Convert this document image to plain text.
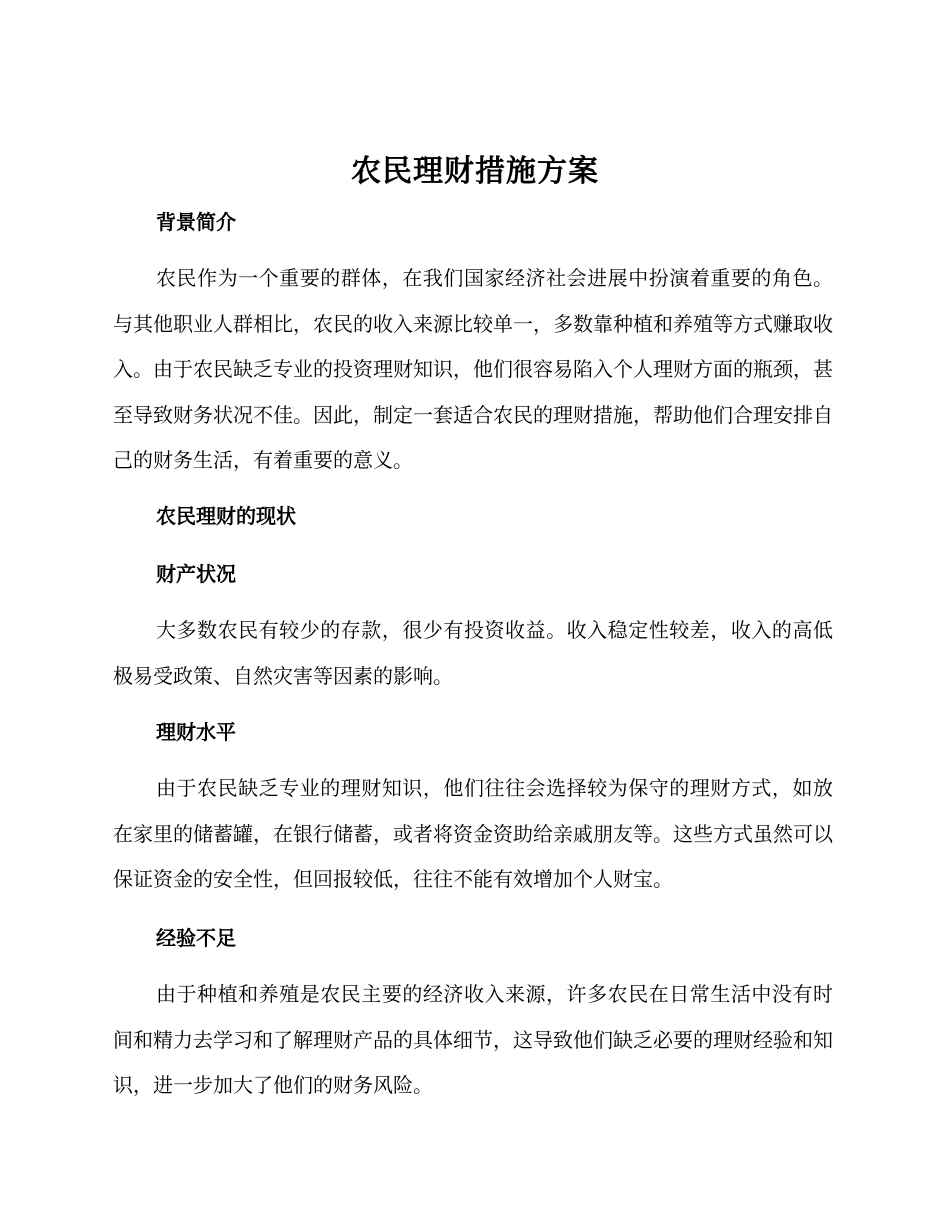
农民理财措施方案
背景简介

农民作为一个重要的群体，在我们国家经济社会进展中扮演着重要的角色。与其他职业人群相比，农民的收入来源比较单一，多数靠种植和养殖等方式赚取收入。由于农民缺乏专业的投资理财知识，他们很容易陷入个人理财方面的瓶颈，甚至导致财务状况不佳。因此，制定一套适合农民的理财措施，帮助他们合理安排自己的财务生活，有着重要的意义。

农民理财的现状
财产状况

大多数农民有较少的存款，很少有投资收益。收入稳定性较差，收入的高低极易受政策、自然灾害等因素的影响。

理财水平

由于农民缺乏专业的理财知识，他们往往会选择较为保守的理财方式，如放在家里的储蓄罐，在银行储蓄，或者将资金资助给亲戚朋友等。这些方式虽然可以保证资金的安全性，但回报较低，往往不能有效增加个人财宝。

经验不足

由于种植和养殖是农民主要的经济收入来源，许多农民在日常生活中没有时间和精力去学习和了解理财产品的具体细节，这导致他们缺乏必要的理财经验和知识，进一步加大了他们的财务风险。
